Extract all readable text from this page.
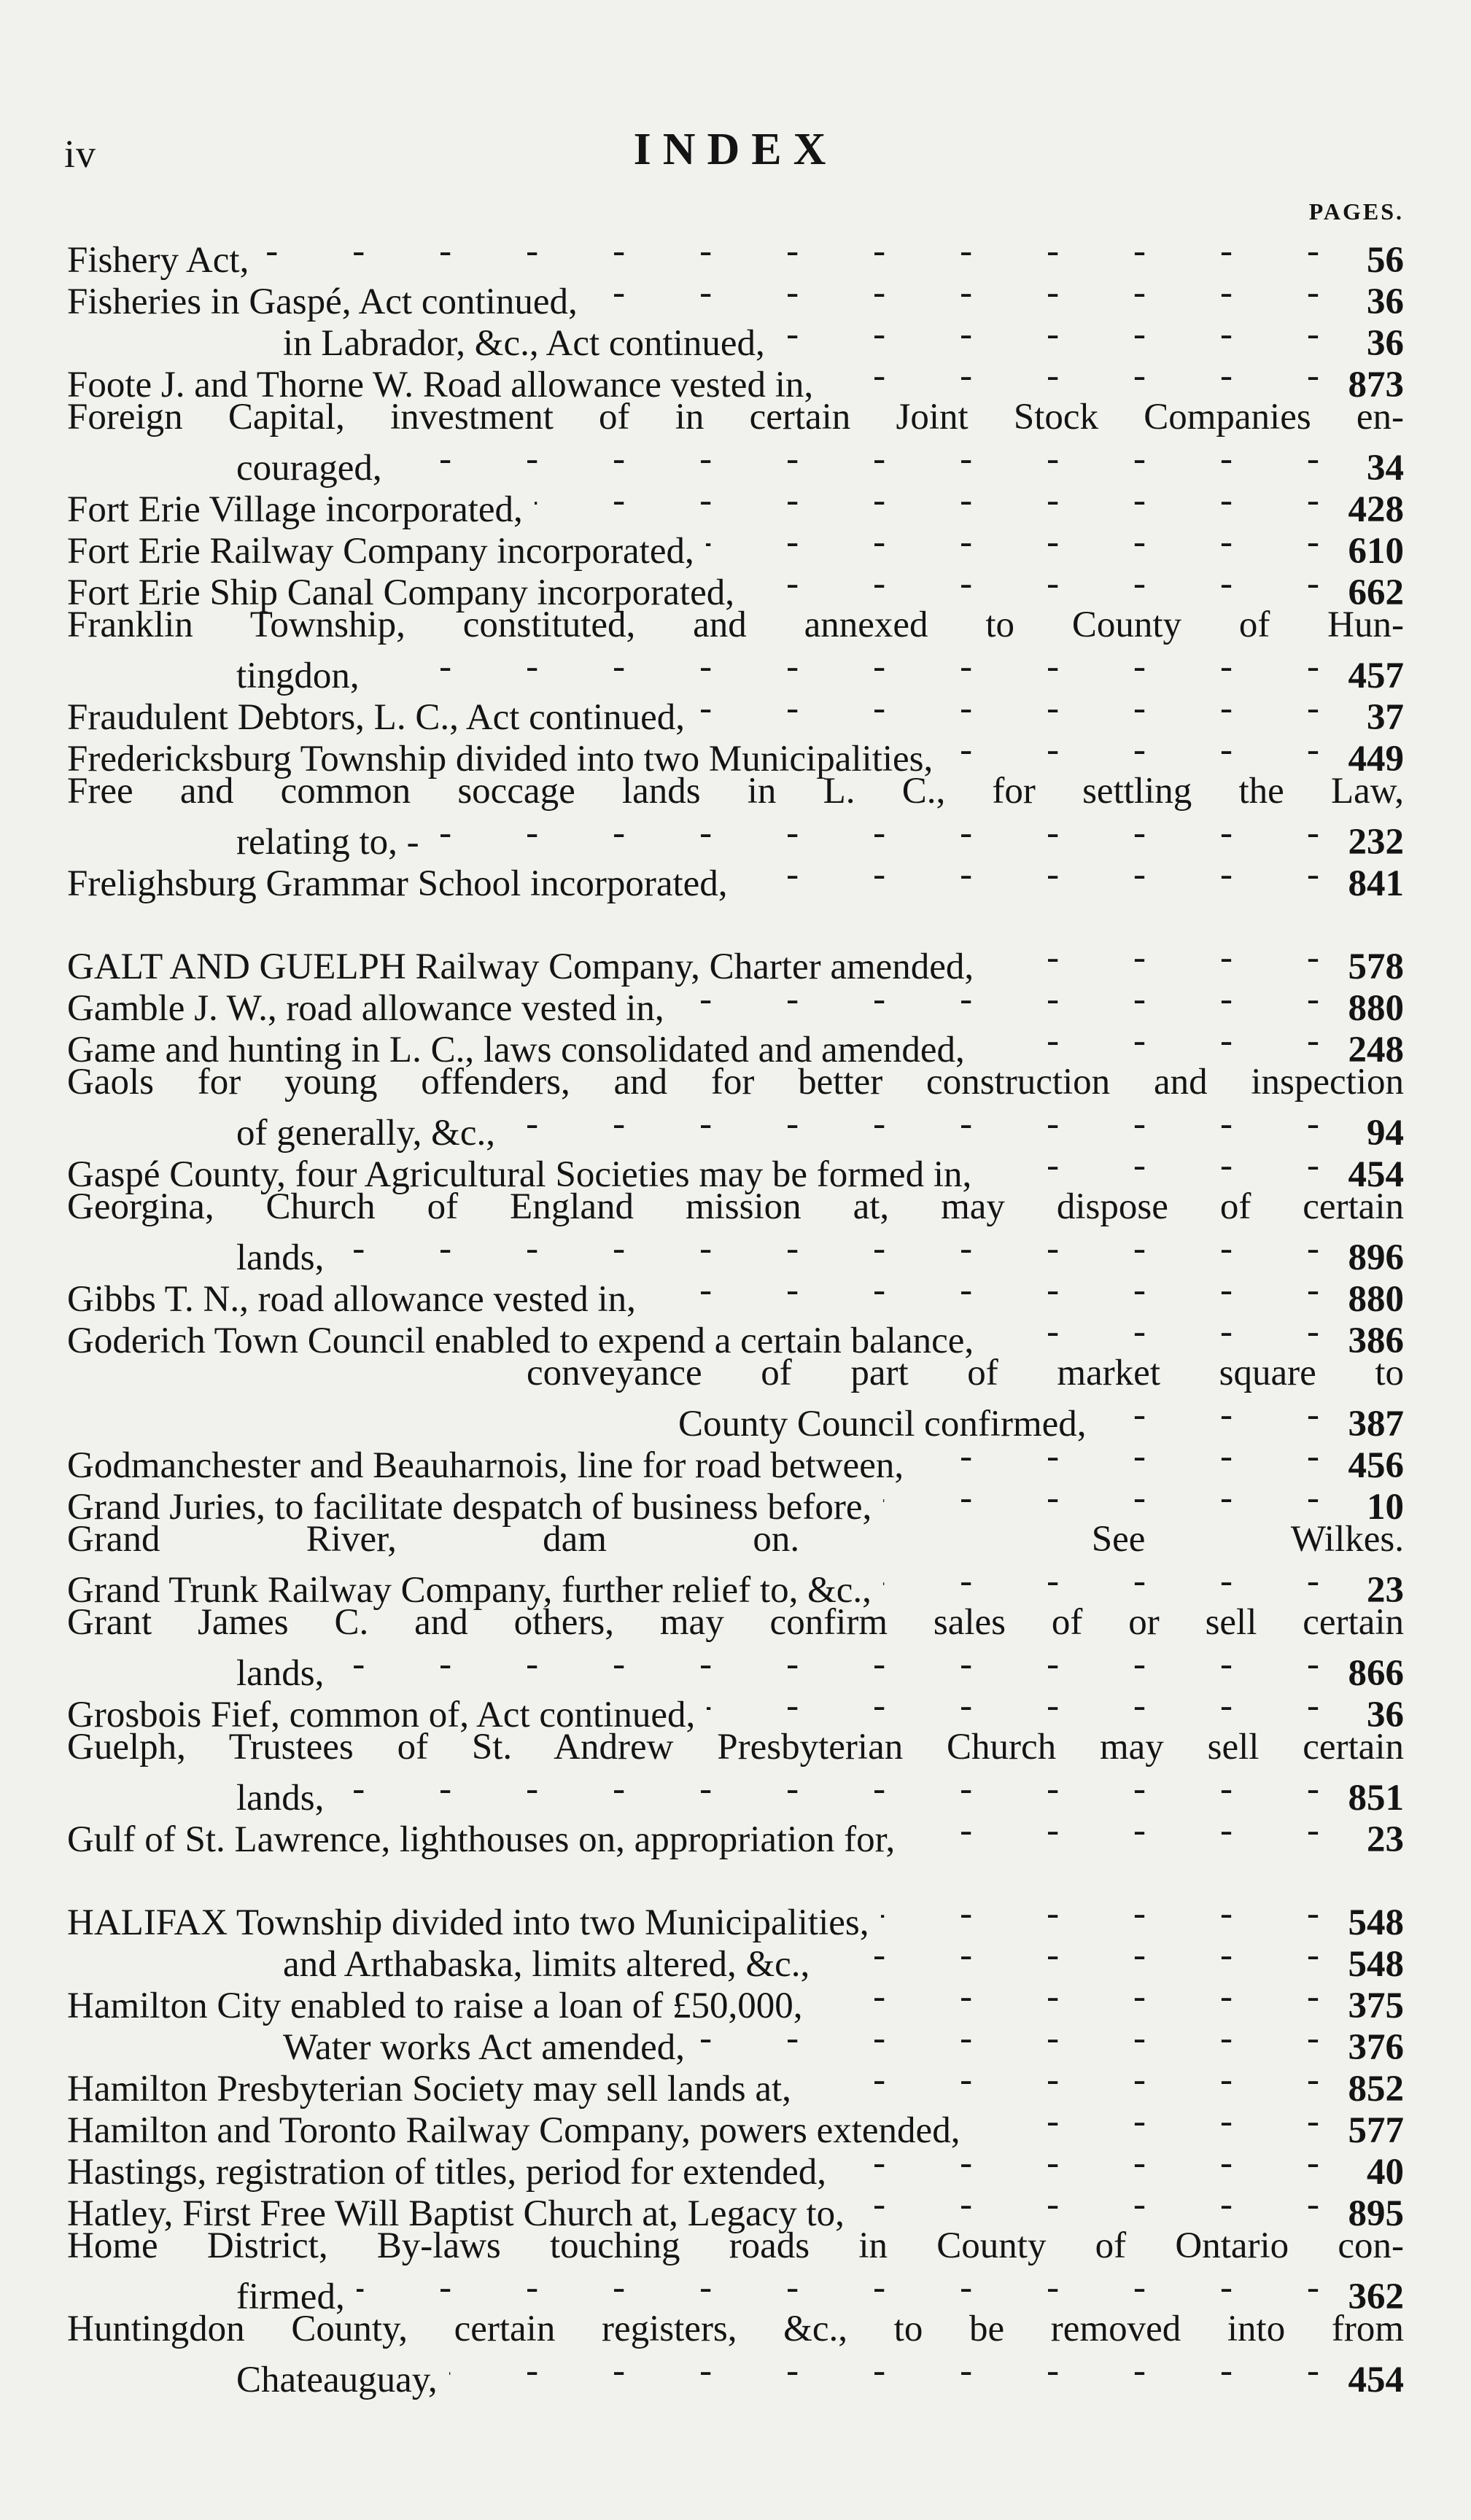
iv	INDEX
PAGES.
Fishery Act, -	56
Fisheries in Gaspé, Act continued, -	36
in Labrador, &c., Act continued, -	36
Foote J. and Thorne W. Road allowance vested in, -	873
Foreign Capital, investment of in certain Joint Stock Companies en-
couraged, -	34
Fort Erie Village incorporated, -	428
Fort Erie Railway Company incorporated, -	610
Fort Erie Ship Canal Company incorporated, -	662
Franklin Township, constituted, and annexed to County of Hun-
tingdon, -	457
Fraudulent Debtors, L. C., Act continued, -	37
Fredericksburg Township divided into two Municipalities, -	449
Free and common soccage lands in L. C., for settling the Law,
relating to, - -	232
Frelighsburg Grammar School incorporated, -	841
GALT AND GUELPH Railway Company, Charter amended, -	578
Gamble J. W., road allowance vested in, -	880
Game and hunting in L. C., laws consolidated and amended, -	248
Gaols for young offenders, and for better construction and inspection
of generally, &c., -	94
Gaspé County, four Agricultural Societies may be formed in, -	454
Georgina, Church of England mission at, may dispose of certain
lands, -	896
Gibbs T. N., road allowance vested in, -	880
Goderich Town Council enabled to expend a certain balance, -	386
conveyance of part of market square to
County Council confirmed, -	387
Godmanchester and Beauharnois, line for road between, -	456
Grand Juries, to facilitate despatch of business before, -	10
Grand River, dam on.  See Wilkes.
Grand Trunk Railway Company, further relief to, &c., -	23
Grant James C. and others, may confirm sales of or sell certain
lands, -	866
Grosbois Fief, common of, Act continued, -	36
Guelph, Trustees of St. Andrew Presbyterian Church may sell certain
lands, -	851
Gulf of St. Lawrence, lighthouses on, appropriation for, -	23
HALIFAX Township divided into two Municipalities, -	548
and Arthabaska, limits altered, &c., -	548
Hamilton City enabled to raise a loan of £50,000, -	375
Water works Act amended, -	376
Hamilton Presbyterian Society may sell lands at, -	852
Hamilton and Toronto Railway Company, powers extended, -	577
Hastings, registration of titles, period for extended, -	40
Hatley, First Free Will Baptist Church at, Legacy to, -	895
Home District, By-laws touching roads in County of Ontario con-
firmed, -	362
Huntingdon County, certain registers, &c., to be removed into from
Chateauguay, -	454
